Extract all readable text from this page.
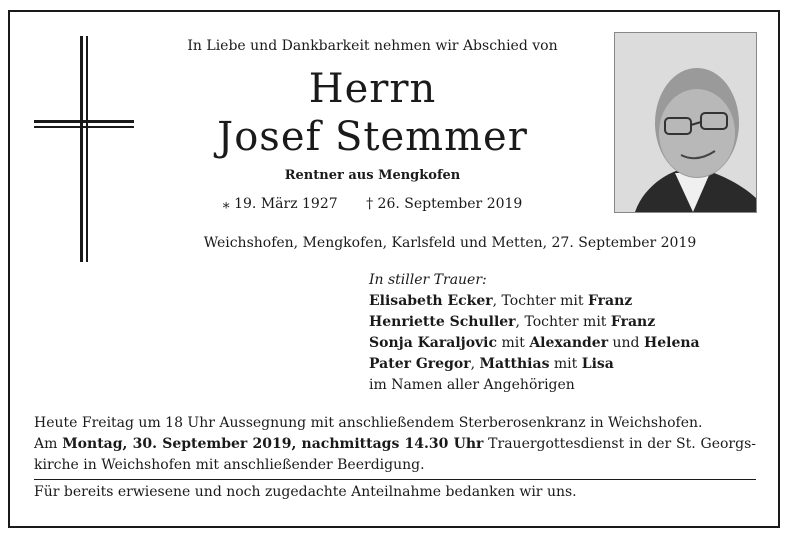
In Liebe und Dankbarkeit nehmen wir Abschied von
Herrn
Josef Stemmer
Rentner aus Mengkofen
⁎ 19. März 1927 † 26. September 2019
Weichshofen, Mengkofen, Karlsfeld und Metten, 27. September 2019
In stiller Trauer:
Elisabeth Ecker, Tochter mit Franz
Henriette Schuller, Tochter mit Franz
Sonja Karaljovic mit Alexander und Helena
Pater Gregor, Matthias mit Lisa
im Namen aller Angehörigen

Heute Freitag um 18 Uhr Aussegnung mit anschließendem Sterberosenkranz in Weichshofen.

Am Montag, 30. September 2019, nachmittags 14.30 Uhr Trauergottesdienst in der St. Georgs-kirche in Weichshofen mit anschließender Beerdigung.

Für bereits erwiesene und noch zugedachte Anteilnahme bedanken wir uns.
